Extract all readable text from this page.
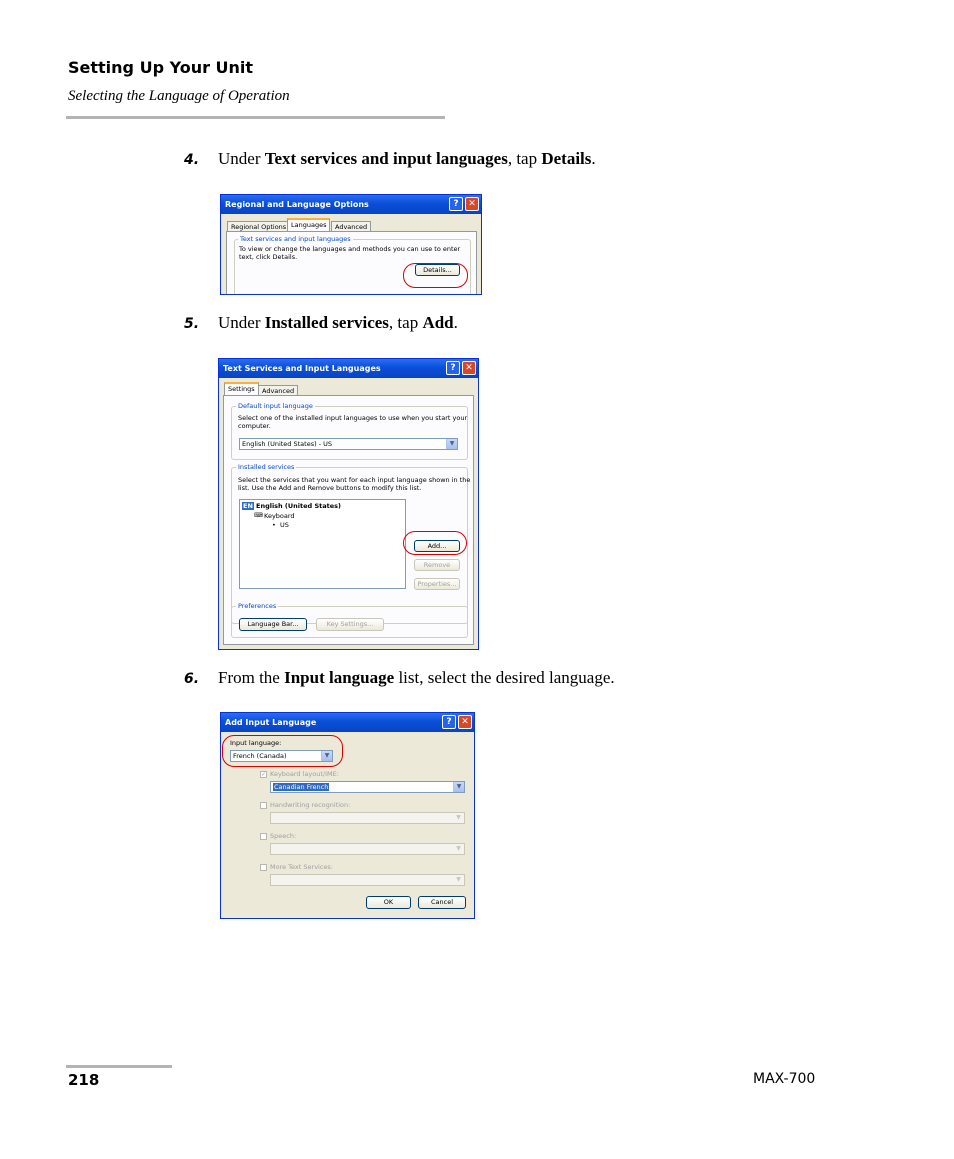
Setting Up Your Unit
Selecting the Language of Operation
4. Under Text services and input languages, tap Details.
Regional and Language Options	?	✕
Regional Options Languages	Advanced
Text services and input languages
To view or change the languages and methods you can use to enter
text, click Details.
Details...
5. Under Installed services, tap Add.
Text Services and Input Languages	?	✕
Settings	Advanced
Default input language
Select one of the installed input languages to use when you start your
computer.
English (United States) - US	▼
Installed services
Select the services that you want for each input language shown in the
list. Use the Add and Remove buttons to modify this list.
EN English (United States)
⌨ Keyboard
• US
Add...
Remove
Properties...
Preferences
Language Bar...	Key Settings...
6. From the Input language list, select the desired language.
Add Input Language	?	✕
Input language:
French (Canada)	▼
✓ Keyboard layout/IME:
Canadian French	▼
Handwriting recognition:
▼
Speech:
▼
More Text Services:
▼
OK	Cancel
218	MAX-700
